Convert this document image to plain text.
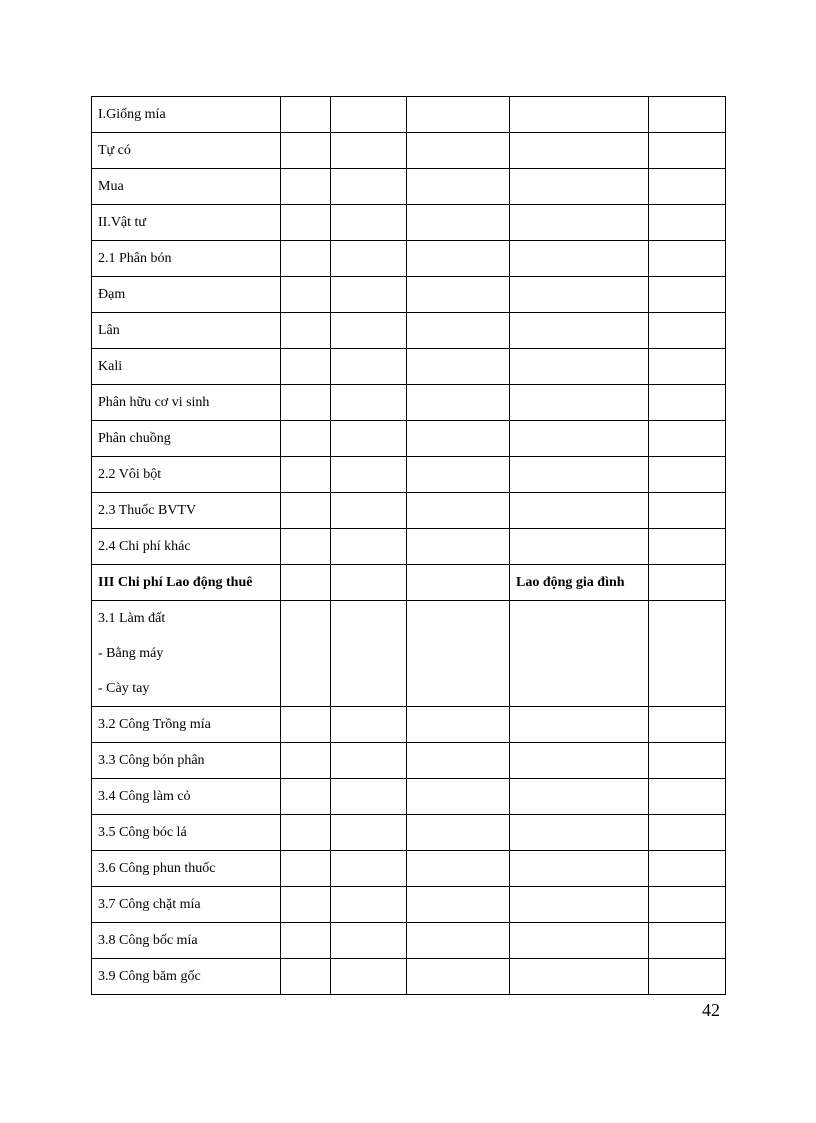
I.Giống mía					

Tự có					

Mua					

II.Vật tư					

2.1 Phân bón					

Đạm					

Lân					

Kali					

Phân hữu cơ vi sinh					

Phân chuồng					

2.2 Vôi bột					

2.3 Thuốc BVTV					

2.4 Chi phí khác					

III Chi phí Lao động thuê				Lao động gia đình	

3.1 Làm đất
- Bằng máy
- Cày tay					

3.2 Công Trồng mía					

3.3 Công bón phân					

3.4 Công làm cỏ					

3.5 Công bóc lá					

3.6 Công phun thuốc					

3.7 Công chặt mía					

3.8 Công bốc mía					

3.9 Công băm gốc					

42
